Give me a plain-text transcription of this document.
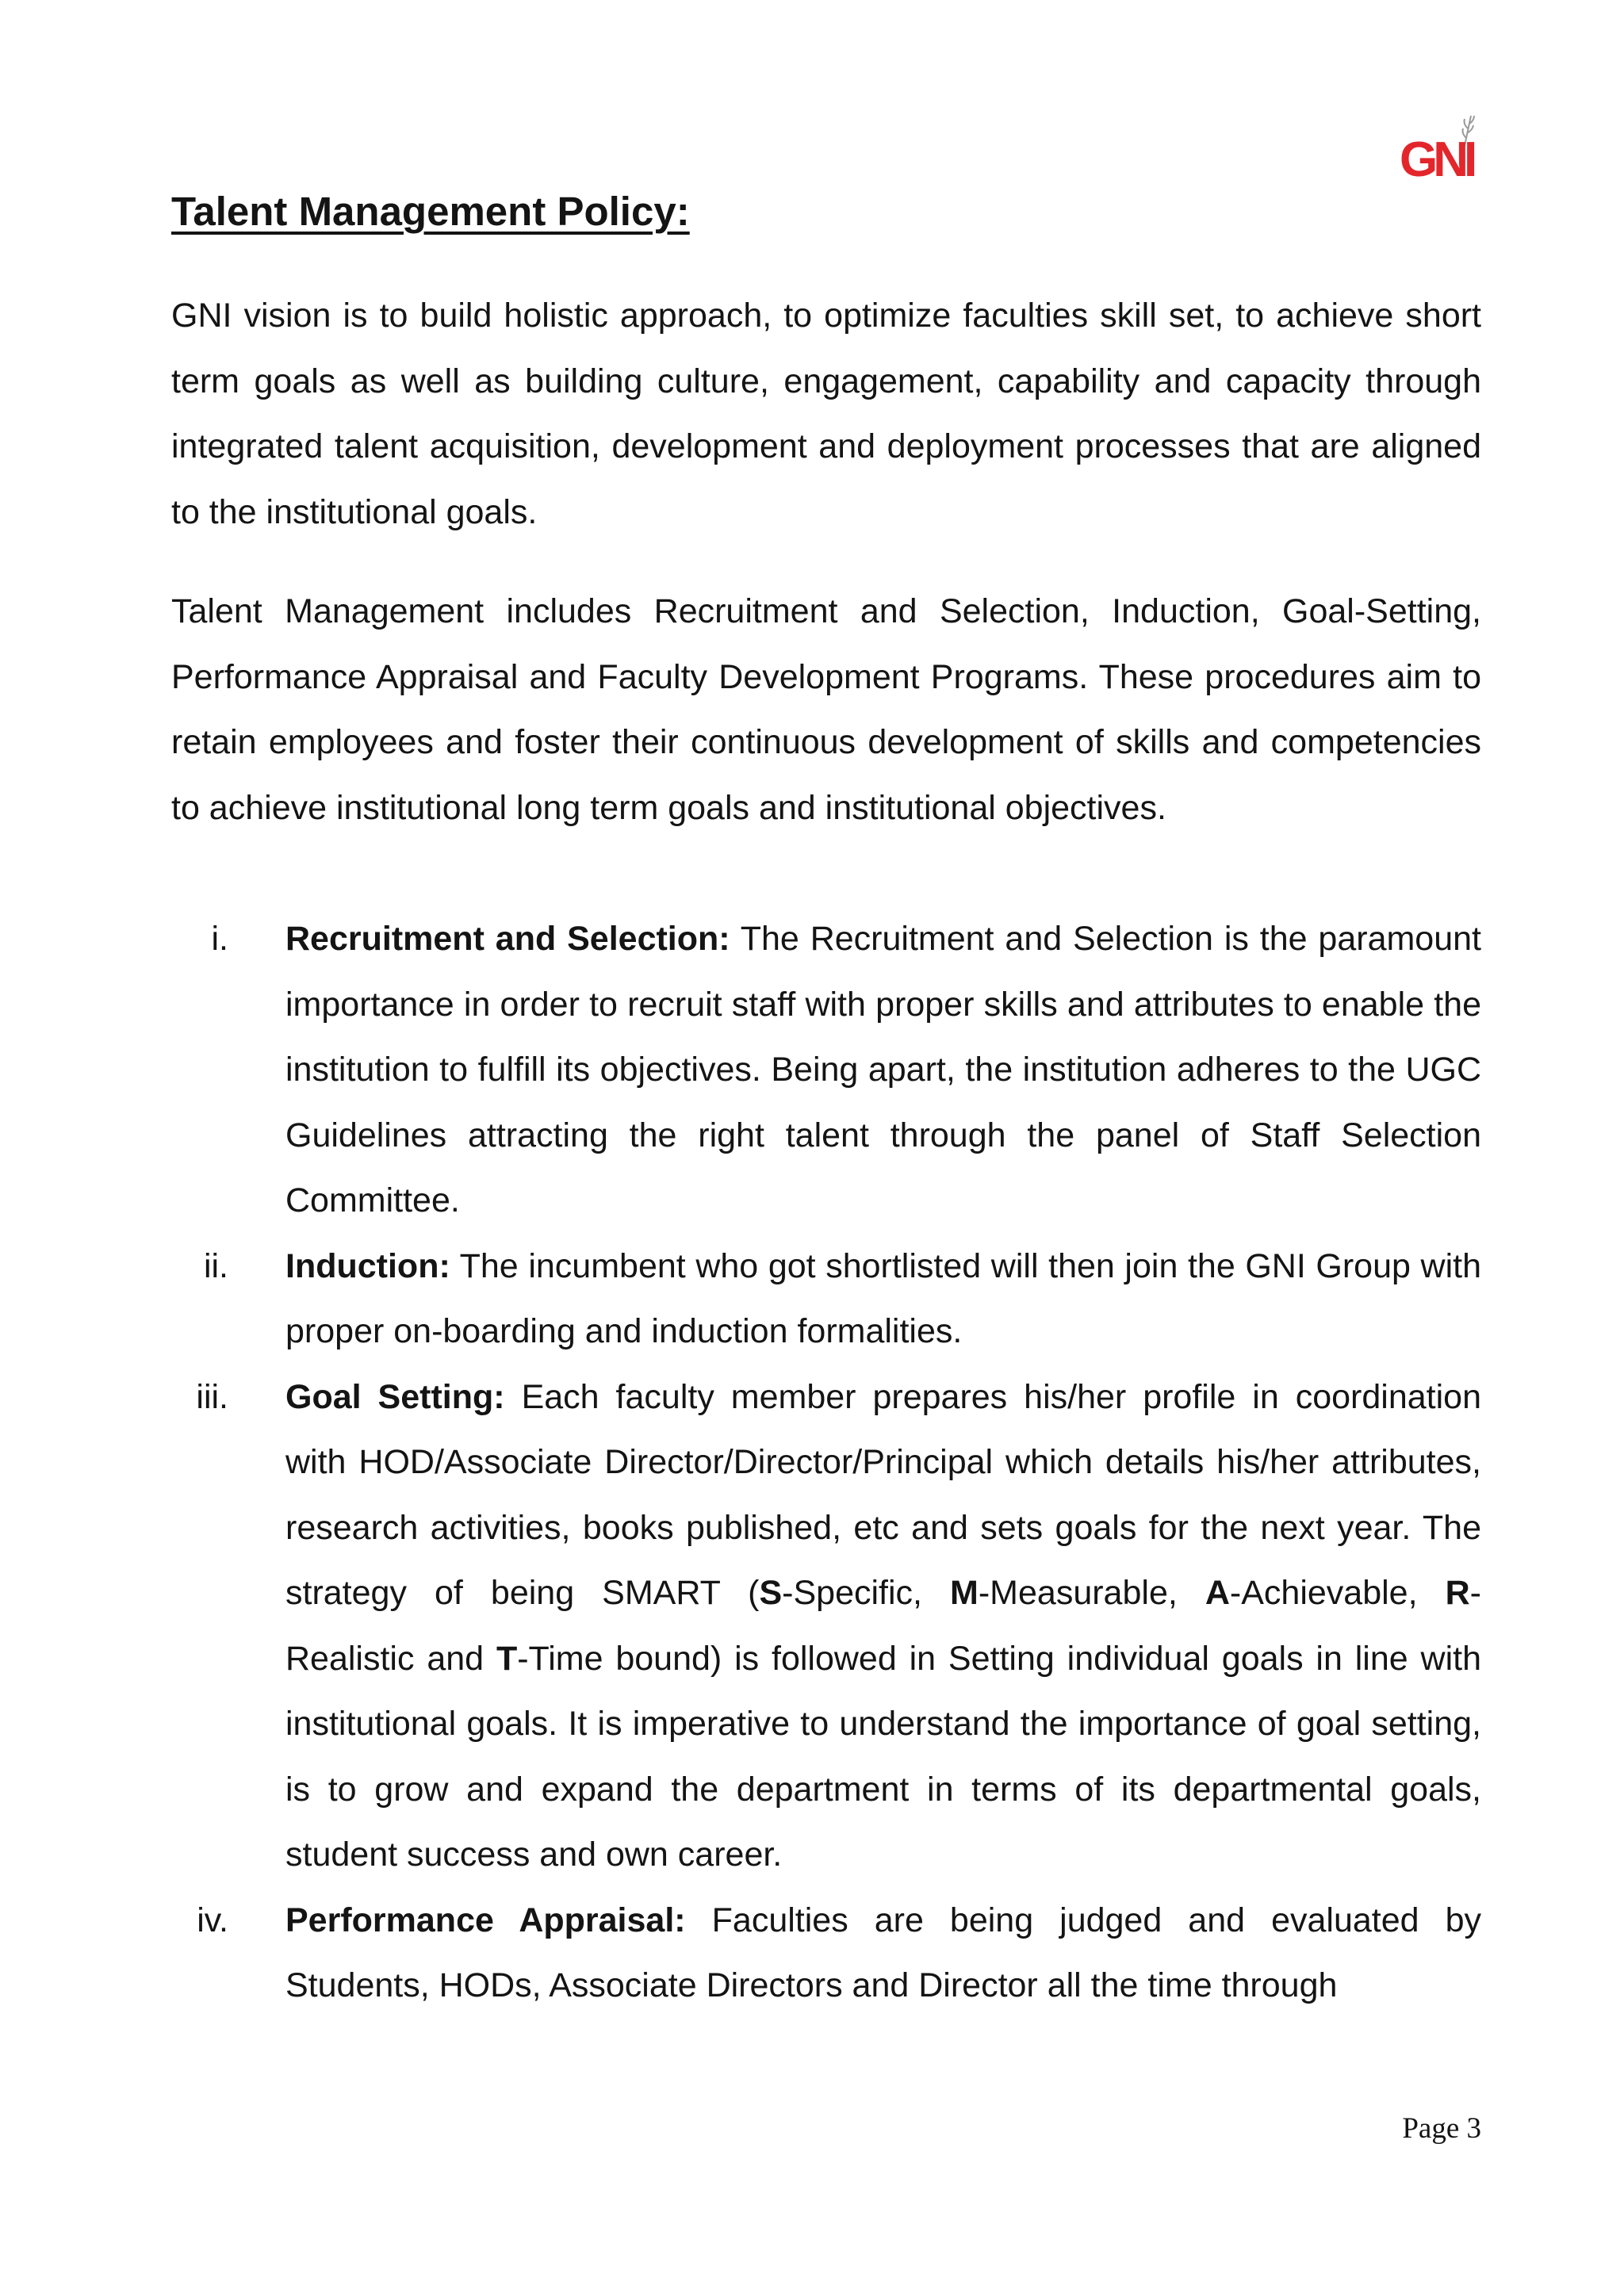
GNI
Talent Management Policy:

GNI vision is to build holistic approach, to optimize faculties skill set, to achieve short term goals as well as building culture, engagement, capability and capacity through integrated talent acquisition, development and deployment processes that are aligned to the institutional goals.

Talent Management includes Recruitment and Selection, Induction, Goal-Setting, Performance Appraisal and Faculty Development Programs. These procedures aim to retain employees and foster their continuous development of skills and competencies to achieve institutional long term goals and institutional objectives.

i. Recruitment and Selection: The Recruitment and Selection is the paramount importance in order to recruit staff with proper skills and attributes to enable the institution to fulfill its objectives. Being apart, the institution adheres to the UGC Guidelines attracting the right talent through the panel of Staff Selection Committee.
ii. Induction: The incumbent who got shortlisted will then join the GNI Group with proper on-boarding and induction formalities.
iii. Goal Setting: Each faculty member prepares his/her profile in coordination with HOD/Associate Director/Director/Principal which details his/her attributes, research activities, books published, etc and sets goals for the next year. The strategy of being SMART (S-Specific, M-Measurable, A-Achievable, R-Realistic and T-Time bound) is followed in Setting individual goals in line with institutional goals. It is imperative to understand the importance of goal setting, is to grow and expand the department in terms of its departmental goals, student success and own career.
iv. Performance Appraisal: Faculties are being judged and evaluated by Students, HODs, Associate Directors and Director all the time through
Page 3
